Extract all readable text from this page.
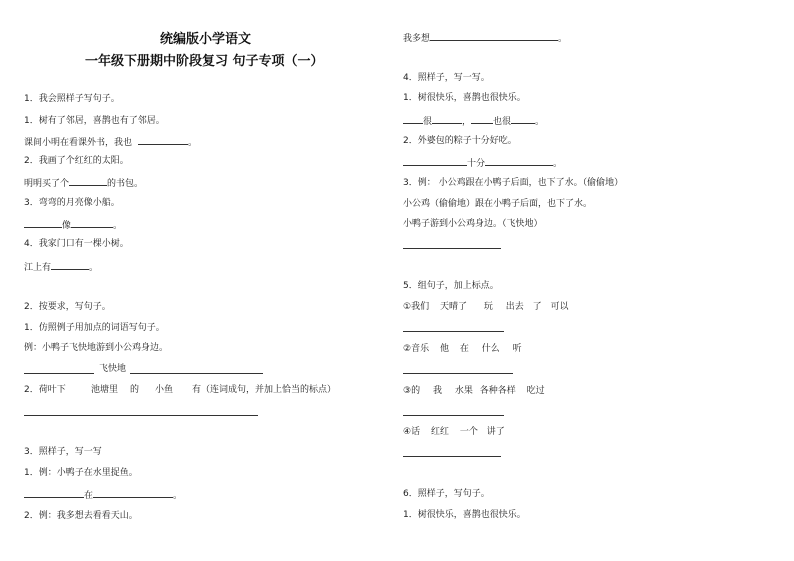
统编版小学语文
一年级下册期中阶段复习 句子专项（一）
1．我会照样子写句子。
1．树有了邻居，喜鹊也有了邻居。
课间小明在看课外书，我也	。
2．我画了个红红的太阳。
明明买了个	的书包。
3．弯弯的月亮像小船。
像	。
4．我家门口有一棵小树。
江上有	。
2．按要求，写句子。
1．仿照例子用加点的词语写句子。
例：小鸭子飞快地游到小公鸡身边。
飞快地
2．荷叶下	池塘里 的 小鱼 有（连词成句，并加上恰当的标点）
3．照样子，写一写
1．例：小鸭子在水里捉鱼。
在	。
2．例：我多想去看看天山。
我多想	。
4．照样子，写一写。
1．树很快乐，喜鹊也很快乐。
很	， 也很	。
2．外婆包的粽子十分好吃。
十分	。
3．例： 小公鸡跟在小鸭子后面，也下了水。（偷偷地）
小公鸡（偷偷地）跟在小鸭子后面，也下了水。
小鸭子游到小公鸡身边。（飞快地）
5．组句子，加上标点。
①我们 天晴了 玩 出去 了 可以
②音乐 他 在 什么 听
③的 我 水果 各种各样 吃过
④话 红红 一个 讲了
6．照样子，写句子。
1．树很快乐，喜鹊也很快乐。
